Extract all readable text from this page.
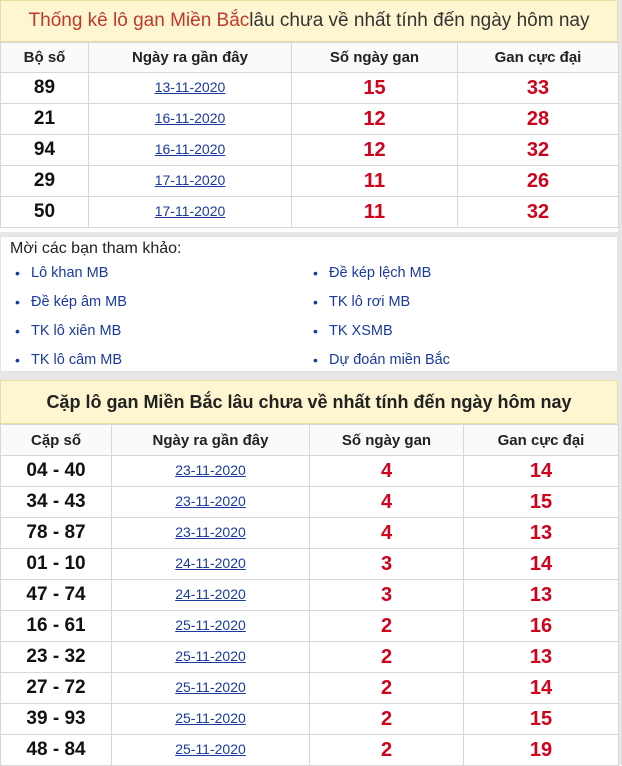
Thống kê lô gan Miền Bắc lâu chưa về nhất tính đến ngày hôm nay
Bộ số	Ngày ra gần đây	Số ngày gan	Gan cực đại
89	13-11-2020	15	33
21	16-11-2020	12	28
94	16-11-2020	12	32
29	17-11-2020	11	26
50	17-11-2020	11	32
Mời các bạn tham khảo:
• Lô khan MB
• Đề kép âm MB
• TK lô xiên MB
• TK lô câm MB
• Đề kép lệch MB
• TK lô rơi MB
• TK XSMB
• Dự đoán miền Bắc
Cặp lô gan Miền Bắc lâu chưa về nhất tính đến ngày hôm nay
Cặp số	Ngày ra gần đây	Số ngày gan	Gan cực đại
04 - 40	23-11-2020	4	14
34 - 43	23-11-2020	4	15
78 - 87	23-11-2020	4	13
01 - 10	24-11-2020	3	14
47 - 74	24-11-2020	3	13
16 - 61	25-11-2020	2	16
23 - 32	25-11-2020	2	13
27 - 72	25-11-2020	2	14
39 - 93	25-11-2020	2	15
48 - 84	25-11-2020	2	19
